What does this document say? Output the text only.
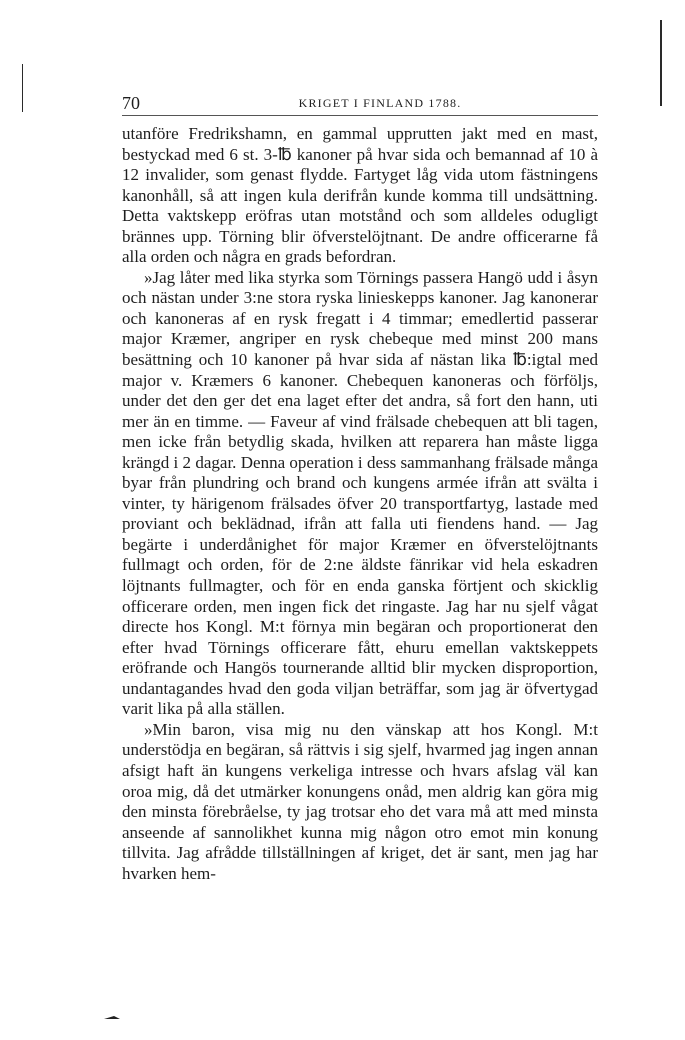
70	KRIGET I FINLAND 1788.

utanföre Fredrikshamn, en gammal upprutten jakt med en mast, bestyckad med 6 st. 3-℔ kanoner på hvar sida och bemannad af 10 à 12 invalider, som genast flydde. Fartyget låg vida utom fästningens kanonhåll, så att ingen kula derifrån kunde komma till undsättning. Detta vaktskepp eröfras utan motstånd och som alldeles odugligt brännes upp. Törning blir öfverstelöjtnant. De andre officerarne få alla orden och några en grads befordran.

»Jag låter med lika styrka som Törnings passera Hangö udd i åsyn och nästan under 3:ne stora ryska linieskepps kanoner. Jag kanonerar och kanoneras af en rysk fregatt i 4 timmar; emedlertid passerar major Kræmer, angriper en rysk chebeque med minst 200 mans besättning och 10 kanoner på hvar sida af nästan lika ℔:igtal med major v. Kræmers 6 kanoner. Chebequen kanoneras och förföljs, under det den ger det ena laget efter det andra, så fort den hann, uti mer än en timme. — Faveur af vind frälsade chebequen att bli tagen, men icke från betydlig skada, hvilken att reparera han måste ligga krängd i 2 dagar. Denna operation i dess sammanhang frälsade många byar från plundring och brand och kungens armée ifrån att svälta i vinter, ty härigenom frälsades öfver 20 transportfartyg, lastade med proviant och beklädnad, ifrån att falla uti fiendens hand. — Jag begärte i underdånighet för major Kræmer en öfverstelöjtnants fullmagt och orden, för de 2:ne äldste fänrikar vid hela eskadren löjtnants fullmagter, och för en enda ganska förtjent och skicklig officerare orden, men ingen fick det ringaste. Jag har nu sjelf vågat directe hos Kongl. M:t förnya min begäran och proportionerat den efter hvad Törnings officerare fått, ehuru emellan vaktskeppets eröfrande och Hangös tournerande alltid blir mycken disproportion, undantagandes hvad den goda viljan beträffar, som jag är öfvertygad varit lika på alla ställen.

»Min baron, visa mig nu den vänskap att hos Kongl. M:t understödja en begäran, så rättvis i sig sjelf, hvarmed jag ingen annan afsigt haft än kungens verkeliga intresse och hvars afslag väl kan oroa mig, då det utmärker konungens onåd, men aldrig kan göra mig den minsta förebråelse, ty jag trotsar eho det vara må att med minsta anseende af sannolikhet kunna mig någon otro emot min konung tillvita. Jag afrådde tillställningen af kriget, det är sant, men jag har hvarken hem-
